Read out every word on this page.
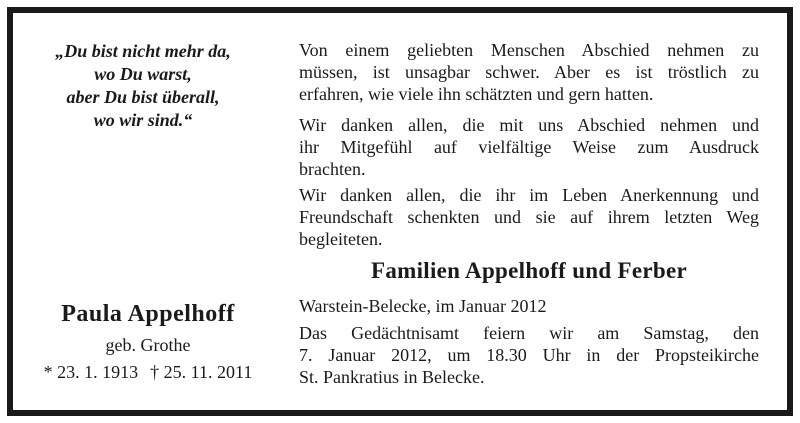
„Du bist nicht mehr da,
wo Du warst,
aber Du bist überall,
wo wir sind.“
Paula Appelhoff
geb. Grothe
* 23. 1. 1913 † 25. 11. 2011
Von einem geliebten Menschen Abschied nehmen zu
müssen, ist unsagbar schwer. Aber es ist tröstlich zu
erfahren, wie viele ihn schätzten und gern hatten.
Wir danken allen, die mit uns Abschied nehmen und
ihr Mitgefühl auf vielfältige Weise zum Ausdruck
brachten.
Wir danken allen, die ihr im Leben Anerkennung und
Freundschaft schenkten und sie auf ihrem letzten Weg
begleiteten.
Familien Appelhoff und Ferber
Warstein-Belecke, im Januar 2012
Das Gedächtnisamt feiern wir am Samstag, den
7. Januar 2012, um 18.30 Uhr in der Propsteikirche
St. Pankratius in Belecke.
